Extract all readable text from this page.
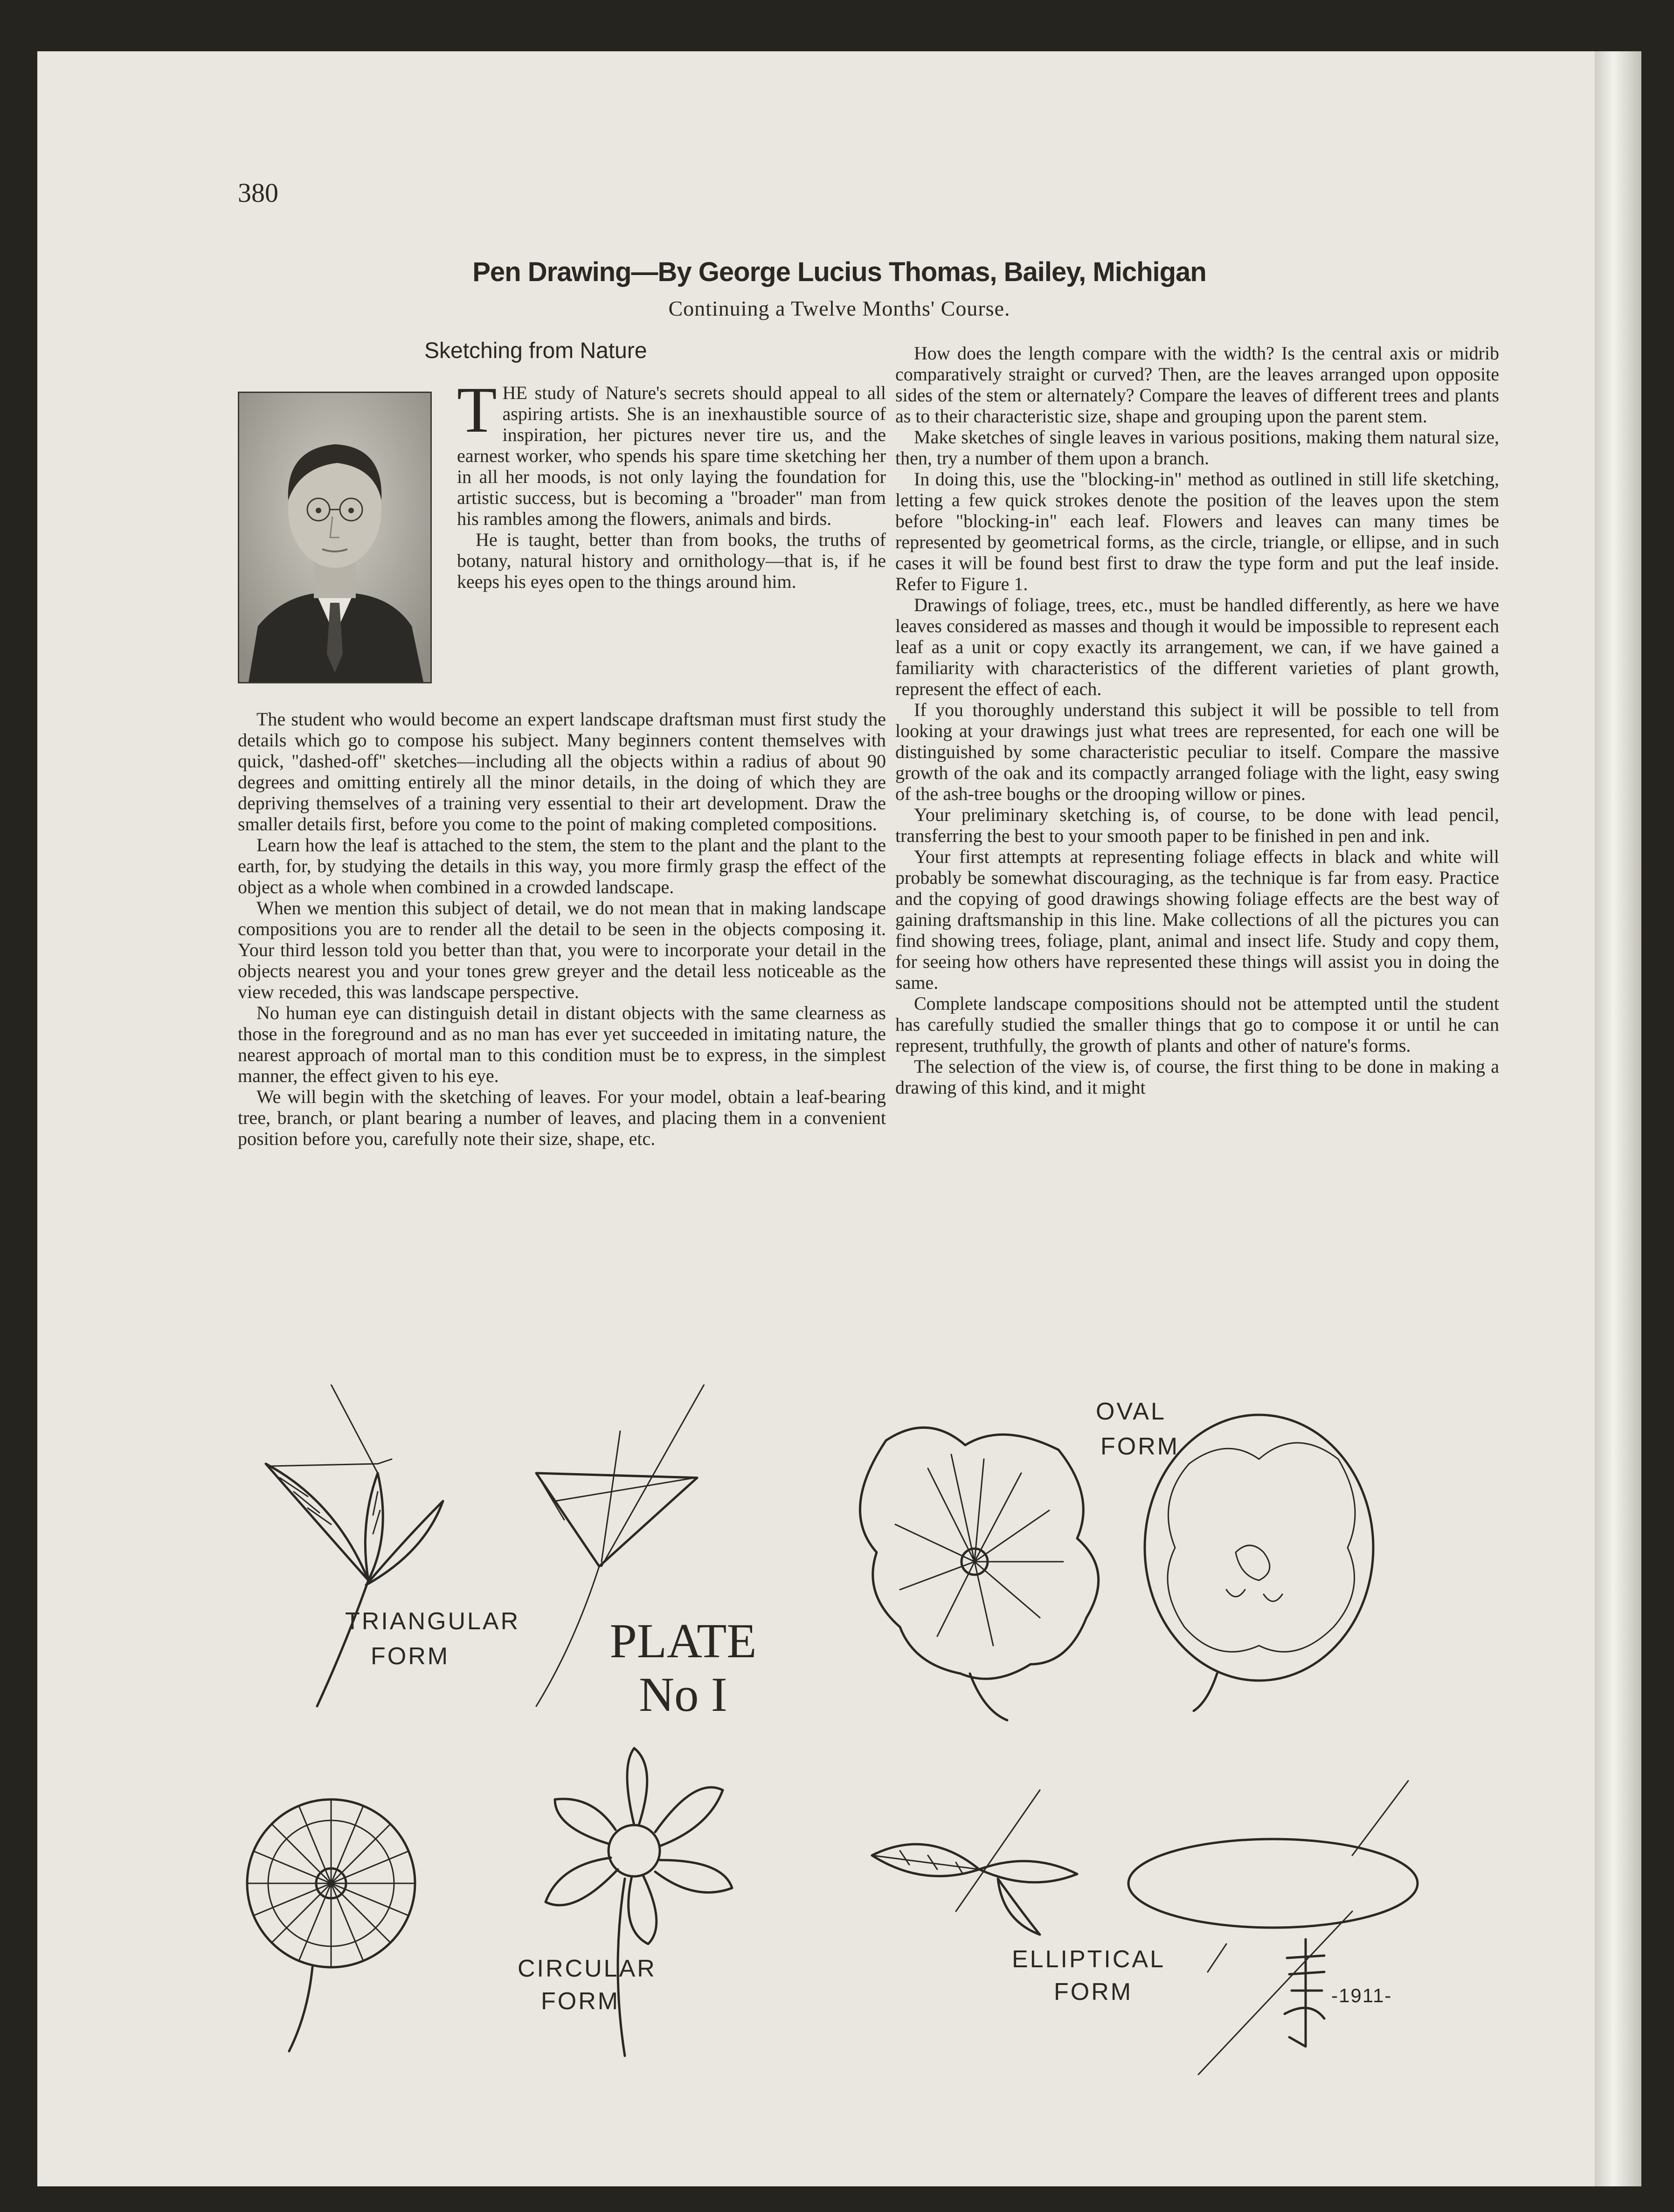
380
Pen Drawing—By George Lucius Thomas, Bailey, Michigan
Continuing a Twelve Months' Course.
Sketching from Nature

THE study of Nature's secrets should appeal to all aspiring artists. She is an inexhaustible source of inspiration, her pictures never tire us, and the earnest worker, who spends his spare time sketching her in all her moods, is not only laying the foundation for artistic success, but is becoming a "broader" man from his rambles among the flowers, animals and birds.

He is taught, better than from books, the truths of botany, natural history and ornithology—that is, if he keeps his eyes open to the things around him.

The student who would become an expert landscape draftsman must first study the details which go to compose his subject. Many beginners content themselves with quick, "dashed-off" sketches—including all the objects within a radius of about 90 degrees and omitting entirely all the minor details, in the doing of which they are depriving themselves of a training very essential to their art development. Draw the smaller details first, before you come to the point of making completed compositions.

Learn how the leaf is attached to the stem, the stem to the plant and the plant to the earth, for, by studying the details in this way, you more firmly grasp the effect of the object as a whole when combined in a crowded landscape.

When we mention this subject of detail, we do not mean that in making landscape compositions you are to render all the detail to be seen in the objects composing it. Your third lesson told you better than that, you were to incorporate your detail in the objects nearest you and your tones grew greyer and the detail less noticeable as the view receded, this was landscape perspective.

No human eye can distinguish detail in distant objects with the same clearness as those in the foreground and as no man has ever yet succeeded in imitating nature, the nearest approach of mortal man to this condition must be to express, in the simplest manner, the effect given to his eye.

We will begin with the sketching of leaves. For your model, obtain a leaf-bearing tree, branch, or plant bearing a number of leaves, and placing them in a convenient position before you, carefully note their size, shape, etc.

How does the length compare with the width? Is the central axis or midrib comparatively straight or curved? Then, are the leaves arranged upon opposite sides of the stem or alternately? Compare the leaves of different trees and plants as to their characteristic size, shape and grouping upon the parent stem.

Make sketches of single leaves in various positions, making them natural size, then, try a number of them upon a branch.

In doing this, use the "blocking-in" method as outlined in still life sketching, letting a few quick strokes denote the position of the leaves upon the stem before "blocking-in" each leaf. Flowers and leaves can many times be represented by geometrical forms, as the circle, triangle, or ellipse, and in such cases it will be found best first to draw the type form and put the leaf inside. Refer to Figure 1.

Drawings of foliage, trees, etc., must be handled differently, as here we have leaves considered as masses and though it would be impossible to represent each leaf as a unit or copy exactly its arrangement, we can, if we have gained a familiarity with characteristics of the different varieties of plant growth, represent the effect of each.

If you thoroughly understand this subject it will be possible to tell from looking at your drawings just what trees are represented, for each one will be distinguished by some characteristic peculiar to itself. Compare the massive growth of the oak and its compactly arranged foliage with the light, easy swing of the ash-tree boughs or the drooping willow or pines.

Your preliminary sketching is, of course, to be done with lead pencil, transferring the best to your smooth paper to be finished in pen and ink.

Your first attempts at representing foliage effects in black and white will probably be somewhat discouraging, as the technique is far from easy. Practice and the copying of good drawings showing foliage effects are the best way of gaining draftsmanship in this line. Make collections of all the pictures you can find showing trees, foliage, plant, animal and insect life. Study and copy them, for seeing how others have represented these things will assist you in doing the same.

Complete landscape compositions should not be attempted until the student has carefully studied the smaller things that go to compose it or until he can represent, truthfully, the growth of plants and other of nature's forms.

The selection of the view is, of course, the first thing to be done in making a drawing of this kind, and it might

TRIANGULAR
FORM	PLATE
No I
OVAL
FORM
CIRCULAR
FORM
ELLIPTICAL
FORM	-1911-
